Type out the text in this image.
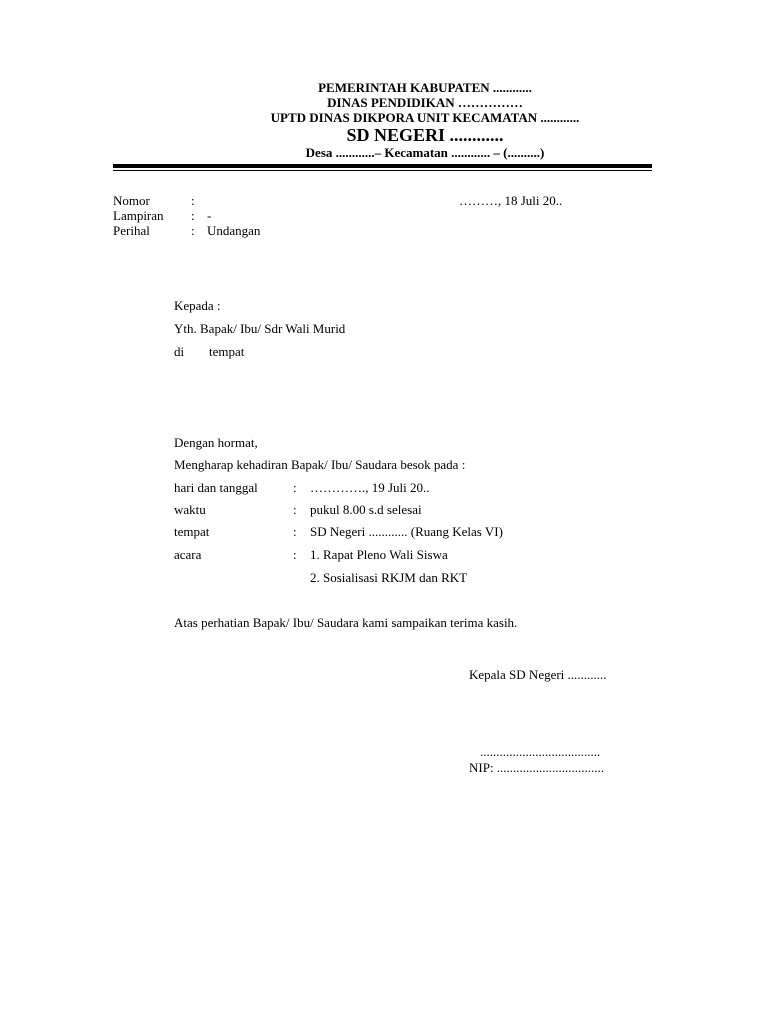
PEMERINTAH KABUPATEN ............
DINAS PENDIDIKAN ……………
UPTD DINAS DIKPORA UNIT KECAMATAN ............
SD NEGERI ............
Desa ............– Kecamatan ............ – (..........)
Nomor	:	………, 18 Juli 20..
Lampiran : -
Perihal	: Undangan
Kepada :
Yth. Bapak/ Ibu/ Sdr Wali Murid
di tempat
Dengan hormat,
Mengharap kehadiran Bapak/ Ibu/ Saudara besok pada :
hari dan tanggal	: …………., 19 Juli 20..
waktu	: pukul 8.00 s.d selesai
tempat	: SD Negeri ............ (Ruang Kelas VI)
acara	: 1. Rapat Pleno Wali Siswa
2. Sosialisasi RKJM dan RKT
Atas perhatian Bapak/ Ibu/ Saudara kami sampaikan terima kasih.
Kepala SD Negeri ............
.....................................
NIP: .................................
